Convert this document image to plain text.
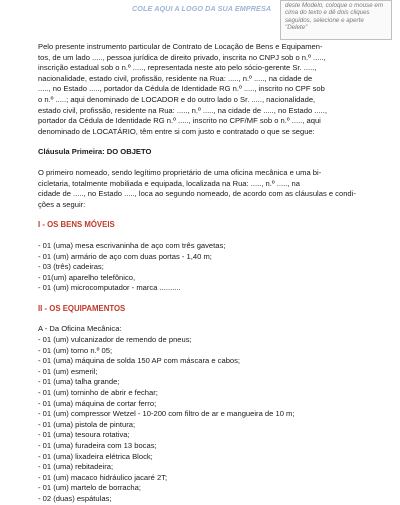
COLE AQUI A LOGO DA SUA EMPRESA	deste Modelo, coloque o mouse em cima do texto e dê dois cliques seguidos, selecione e aperte "Delete"

Pelo presente instrumento particular de Contrato de Locação de Bens e Equipamen-

tos, de um lado ....., pessoa jurídica de direito privado, inscrita no CNPJ sob o n.º .....,

inscrição estadual sob o n.º ....., representada neste ato pelo sócio-gerente Sr. .....,

nacionalidade, estado civil, profissão, residente na Rua: ....., n.º ....., na cidade de

....., no Estado ....., portador da Cédula de Identidade RG n.º ....., inscrito no CPF sob

o n.º .....; aqui denominado de LOCADOR e do outro lado o Sr. ....., nacionalidade,

estado civil, profissão, residente na Rua: ....., n.º ....., na cidade de ....., no Estado .....,

portador da Cédula de Identidade RG n.º ....., inscrito no CPF/MF sob o n.º ....., aqui

denominado de LOCATÁRIO, têm entre si com justo e contratado o que se segue:

Cláusula Primeira: DO OBJETO

O primeiro nomeado, sendo legítimo proprietário de uma oficina mecânica e uma bi-

cicletaria, totalmente mobiliada e equipada, localizada na Rua: ....., n.º ....., na

cidade de ....., no Estado ....., loca ao segundo nomeado, de acordo com as cláusulas e condi-

ções a seguir:

I - OS BENS MÓVEIS

- 01 (uma) mesa escrivaninha de aço com três gavetas;

- 01 (um) armário de aço com duas portas - 1,40 m;

- 03 (três) cadeiras;

- 01(um) aparelho telefônico,

- 01 (um) microcomputador - marca ..........

II - OS EQUIPAMENTOS

A - Da Oficina Mecânica:

- 01 (um) vulcanizador de remendo de pneus;

- 01 (um) torno n.º 05;

- 01 (uma) máquina de solda 150 AP com máscara e cabos;

- 01 (um) esmeril;

- 01 (uma) talha grande;

- 01 (um) torninho de abrir e fechar;

- 01 (uma) máquina de cortar ferro;

- 01 (um) compressor Wetzel - 10-200 com filtro de ar e mangueira de 10 m;

- 01 (uma) pistola de pintura;

- 01 (uma) tesoura rotativa;

- 01 (uma) furadeira com 13 bocas;

- 01 (uma) lixadeira elétrica Block;

- 01 (uma) rebitadeira;

- 01 (um) macaco hidráulico jacaré 2T;

- 01 (um) martelo de borracha;

- 02 (duas) espátulas;
